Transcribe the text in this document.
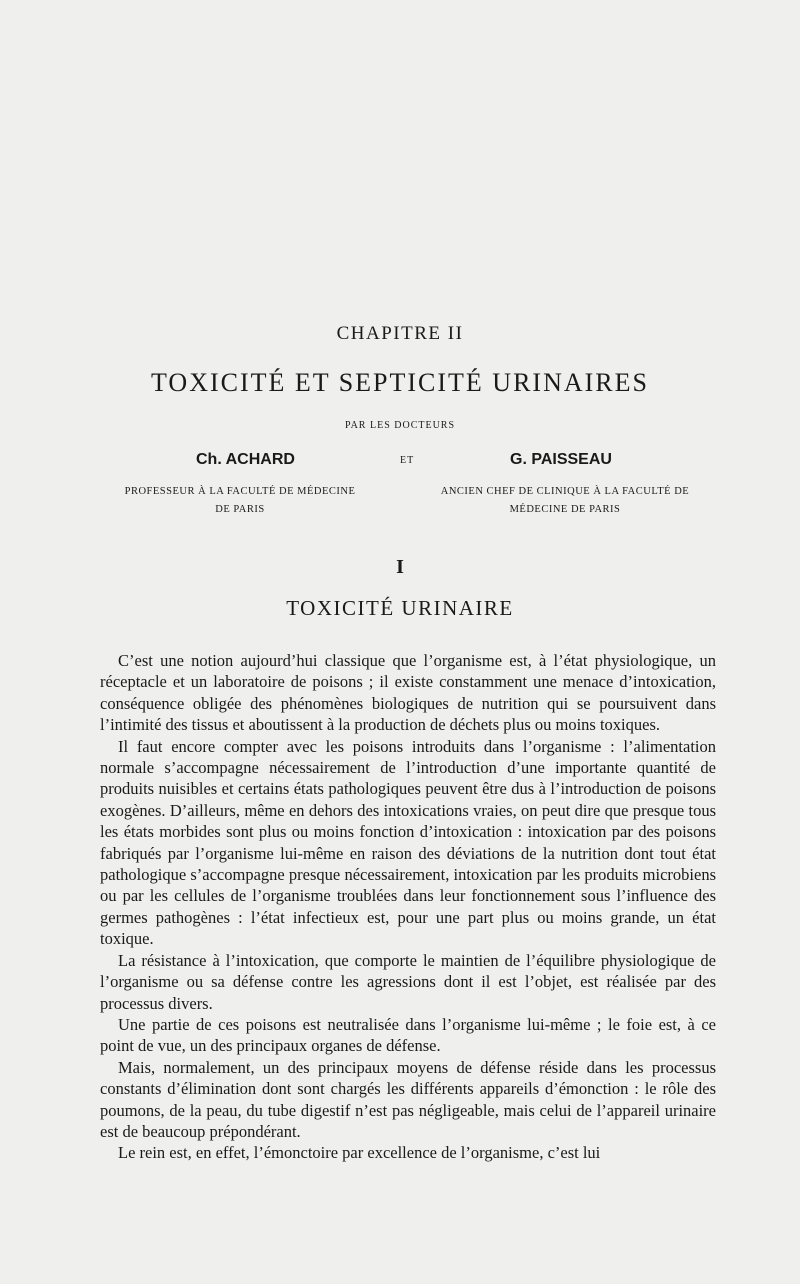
CHAPITRE II
TOXICITÉ ET SEPTICITÉ URINAIRES
PAR LES DOCTEURS
Ch. ACHARD	ET	G. PAISSEAU
PROFESSEUR À LA FACULTÉ DE MÉDECINE
DE PARIS
ANCIEN CHEF DE CLINIQUE À LA FACULTÉ DE
MÉDECINE DE PARIS
I
TOXICITÉ URINAIRE

C’est une notion aujourd’hui classique que l’organisme est, à l’état physiologique, un réceptacle et un laboratoire de poisons ; il existe constamment une menace d’intoxication, conséquence obligée des phénomènes biologiques de nutrition qui se poursuivent dans l’intimité des tissus et aboutissent à la production de déchets plus ou moins toxiques.

Il faut encore compter avec les poisons introduits dans l’organisme : l’alimentation normale s’accompagne nécessairement de l’introduction d’une importante quantité de produits nuisibles et certains états pathologiques peuvent être dus à l’introduction de poisons exogènes. D’ailleurs, même en dehors des intoxications vraies, on peut dire que presque tous les états morbides sont plus ou moins fonction d’intoxication : intoxication par des poisons fabriqués par l’organisme lui-même en raison des déviations de la nutrition dont tout état pathologique s’accompagne presque nécessairement, intoxication par les produits microbiens ou par les cellules de l’organisme troublées dans leur fonctionnement sous l’influence des germes pathogènes : l’état infectieux est, pour une part plus ou moins grande, un état toxique.

La résistance à l’intoxication, que comporte le maintien de l’équilibre physiologique de l’organisme ou sa défense contre les agressions dont il est l’objet, est réalisée par des processus divers.

Une partie de ces poisons est neutralisée dans l’organisme lui-même ; le foie est, à ce point de vue, un des principaux organes de défense.

Mais, normalement, un des principaux moyens de défense réside dans les processus constants d’élimination dont sont chargés les différents appareils d’émonction : le rôle des poumons, de la peau, du tube digestif n’est pas négligeable, mais celui de l’appareil urinaire est de beaucoup prépondérant.

Le rein est, en effet, l’émonctoire par excellence de l’organisme, c’est lui
